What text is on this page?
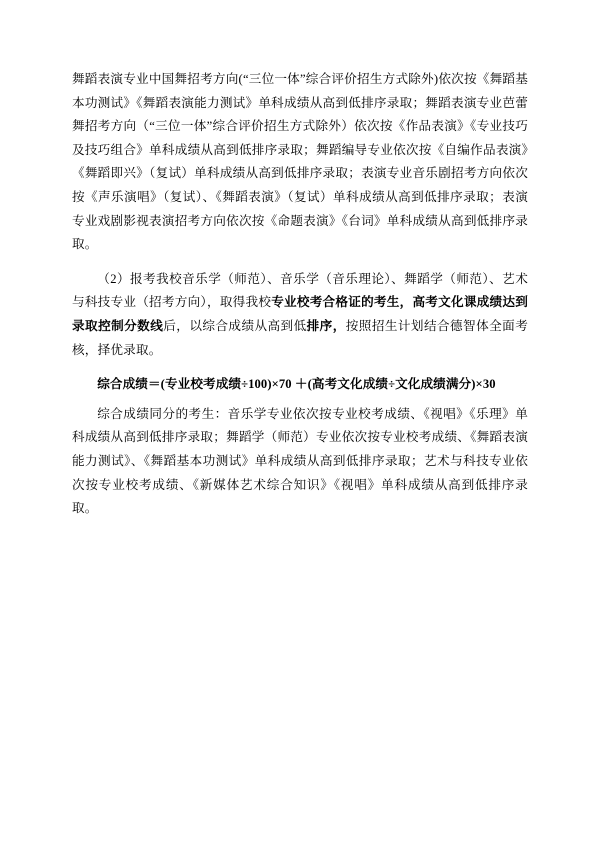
舞蹈表演专业中国舞招考方向(“三位一体”综合评价招生方式除外)依次按《舞蹈基本功测试》《舞蹈表演能力测试》单科成绩从高到低排序录取；舞蹈表演专业芭蕾舞招考方向（“三位一体”综合评价招生方式除外）依次按《作品表演》《专业技巧及技巧组合》单科成绩从高到低排序录取；舞蹈编导专业依次按《自编作品表演》《舞蹈即兴》（复试）单科成绩从高到低排序录取；表演专业音乐剧招考方向依次按《声乐演唱》（复试）、《舞蹈表演》（复试）单科成绩从高到低排序录取；表演专业戏剧影视表演招考方向依次按《命题表演》《台词》单科成绩从高到低排序录取。

（2）报考我校音乐学（师范）、音乐学（音乐理论）、舞蹈学（师范）、艺术与科技专业（招考方向），取得我校专业校考合格证的考生，高考文化课成绩达到录取控制分数线后，以综合成绩从高到低排序，按照招生计划结合德智体全面考核，择优录取。

综合成绩＝(专业校考成绩÷100)×70 ＋(高考文化成绩÷文化成绩满分)×30

综合成绩同分的考生：音乐学专业依次按专业校考成绩、《视唱》《乐理》单科成绩从高到低排序录取；舞蹈学（师范）专业依次按专业校考成绩、《舞蹈表演能力测试》、《舞蹈基本功测试》单科成绩从高到低排序录取；艺术与科技专业依次按专业校考成绩、《新媒体艺术综合知识》《视唱》单科成绩从高到低排序录取。
